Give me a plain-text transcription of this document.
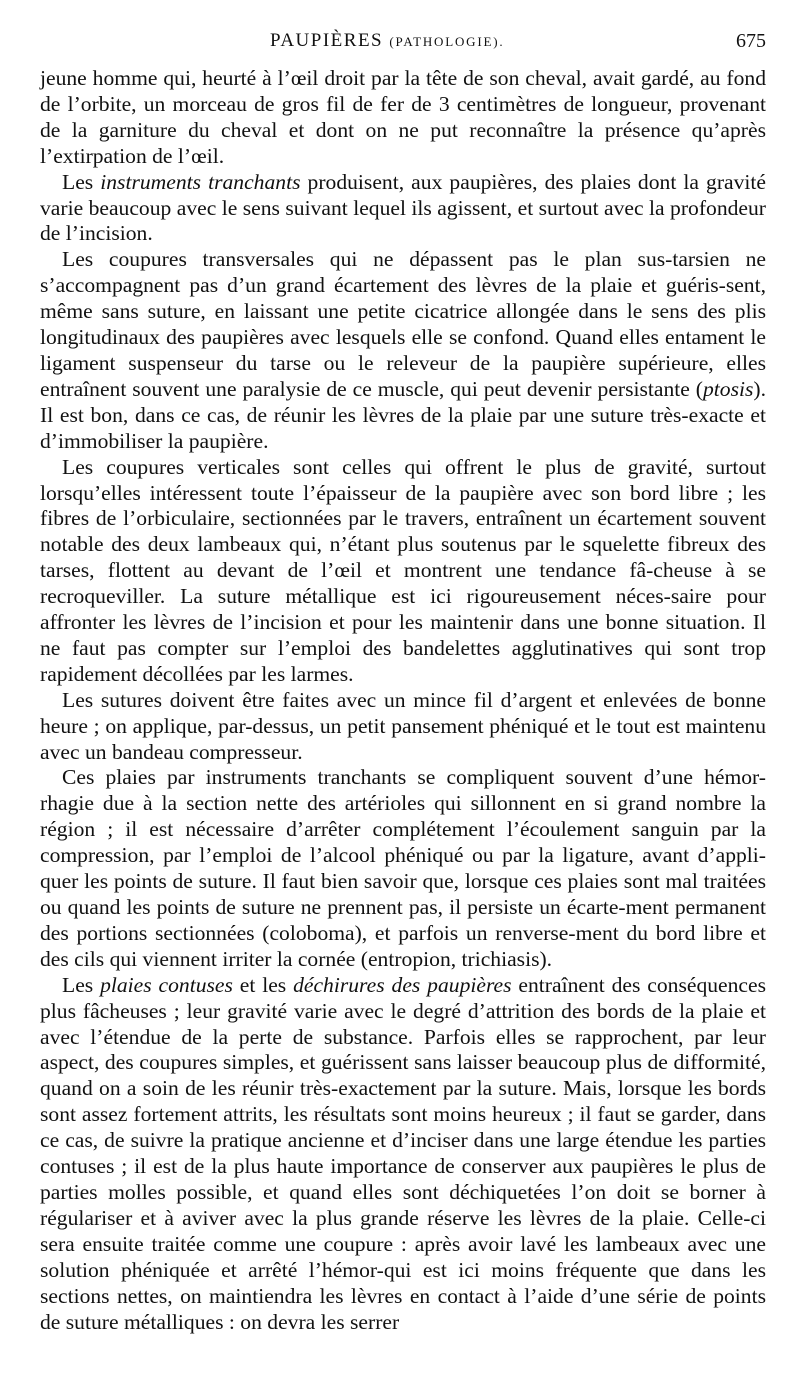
PAUPIÈRES (PATHOLOGIE).	675

jeune homme qui, heurté à l’œil droit par la tête de son cheval, avait gardé, au fond de l’orbite, un morceau de gros fil de fer de 3 centimètres de longueur, provenant de la garniture du cheval et dont on ne put reconnaître la présence qu’après l’extirpation de l’œil.

Les instruments tranchants produisent, aux paupières, des plaies dont la gravité varie beaucoup avec le sens suivant lequel ils agissent, et surtout avec la profondeur de l’incision.

Les coupures transversales qui ne dépassent pas le plan sus-tarsien ne s’accompagnent pas d’un grand écartement des lèvres de la plaie et guéris-sent, même sans suture, en laissant une petite cicatrice allongée dans le sens des plis longitudinaux des paupières avec lesquels elle se confond. Quand elles entament le ligament suspenseur du tarse ou le releveur de la paupière supérieure, elles entraînent souvent une paralysie de ce muscle, qui peut devenir persistante (ptosis). Il est bon, dans ce cas, de réunir les lèvres de la plaie par une suture très-exacte et d’immobiliser la paupière.

Les coupures verticales sont celles qui offrent le plus de gravité, surtout lorsqu’elles intéressent toute l’épaisseur de la paupière avec son bord libre ; les fibres de l’orbiculaire, sectionnées par le travers, entraînent un écartement souvent notable des deux lambeaux qui, n’étant plus soutenus par le squelette fibreux des tarses, flottent au devant de l’œil et montrent une tendance fâ-cheuse à se recroqueviller. La suture métallique est ici rigoureusement néces-saire pour affronter les lèvres de l’incision et pour les maintenir dans une bonne situation. Il ne faut pas compter sur l’emploi des bandelettes agglutinatives qui sont trop rapidement décollées par les larmes.

Les sutures doivent être faites avec un mince fil d’argent et enlevées de bonne heure ; on applique, par-dessus, un petit pansement phéniqué et le tout est maintenu avec un bandeau compresseur.

Ces plaies par instruments tranchants se compliquent souvent d’une hémor-rhagie due à la section nette des artérioles qui sillonnent en si grand nombre la région ; il est nécessaire d’arrêter complétement l’écoulement sanguin par la compression, par l’emploi de l’alcool phéniqué ou par la ligature, avant d’appli-quer les points de suture. Il faut bien savoir que, lorsque ces plaies sont mal traitées ou quand les points de suture ne prennent pas, il persiste un écarte-ment permanent des portions sectionnées (coloboma), et parfois un renverse-ment du bord libre et des cils qui viennent irriter la cornée (entropion, trichiasis).

Les plaies contuses et les déchirures des paupières entraînent des conséquences plus fâcheuses ; leur gravité varie avec le degré d’attrition des bords de la plaie et avec l’étendue de la perte de substance. Parfois elles se rapprochent, par leur aspect, des coupures simples, et guérissent sans laisser beaucoup plus de difformité, quand on a soin de les réunir très-exactement par la suture. Mais, lorsque les bords sont assez fortement attrits, les résultats sont moins heureux ; il faut se garder, dans ce cas, de suivre la pratique ancienne et d’inciser dans une large étendue les parties contuses ; il est de la plus haute importance de conserver aux paupières le plus de parties molles possible, et quand elles sont déchiquetées l’on doit se borner à régulariser et à aviver avec la plus grande réserve les lèvres de la plaie. Celle-ci sera ensuite traitée comme une coupure : après avoir lavé les lambeaux avec une solution phéniquée et arrêté l’hémor-qui est ici moins fréquente que dans les sections nettes, on maintiendra les lèvres en contact à l’aide d’une série de points de suture métalliques : on devra les serrer
